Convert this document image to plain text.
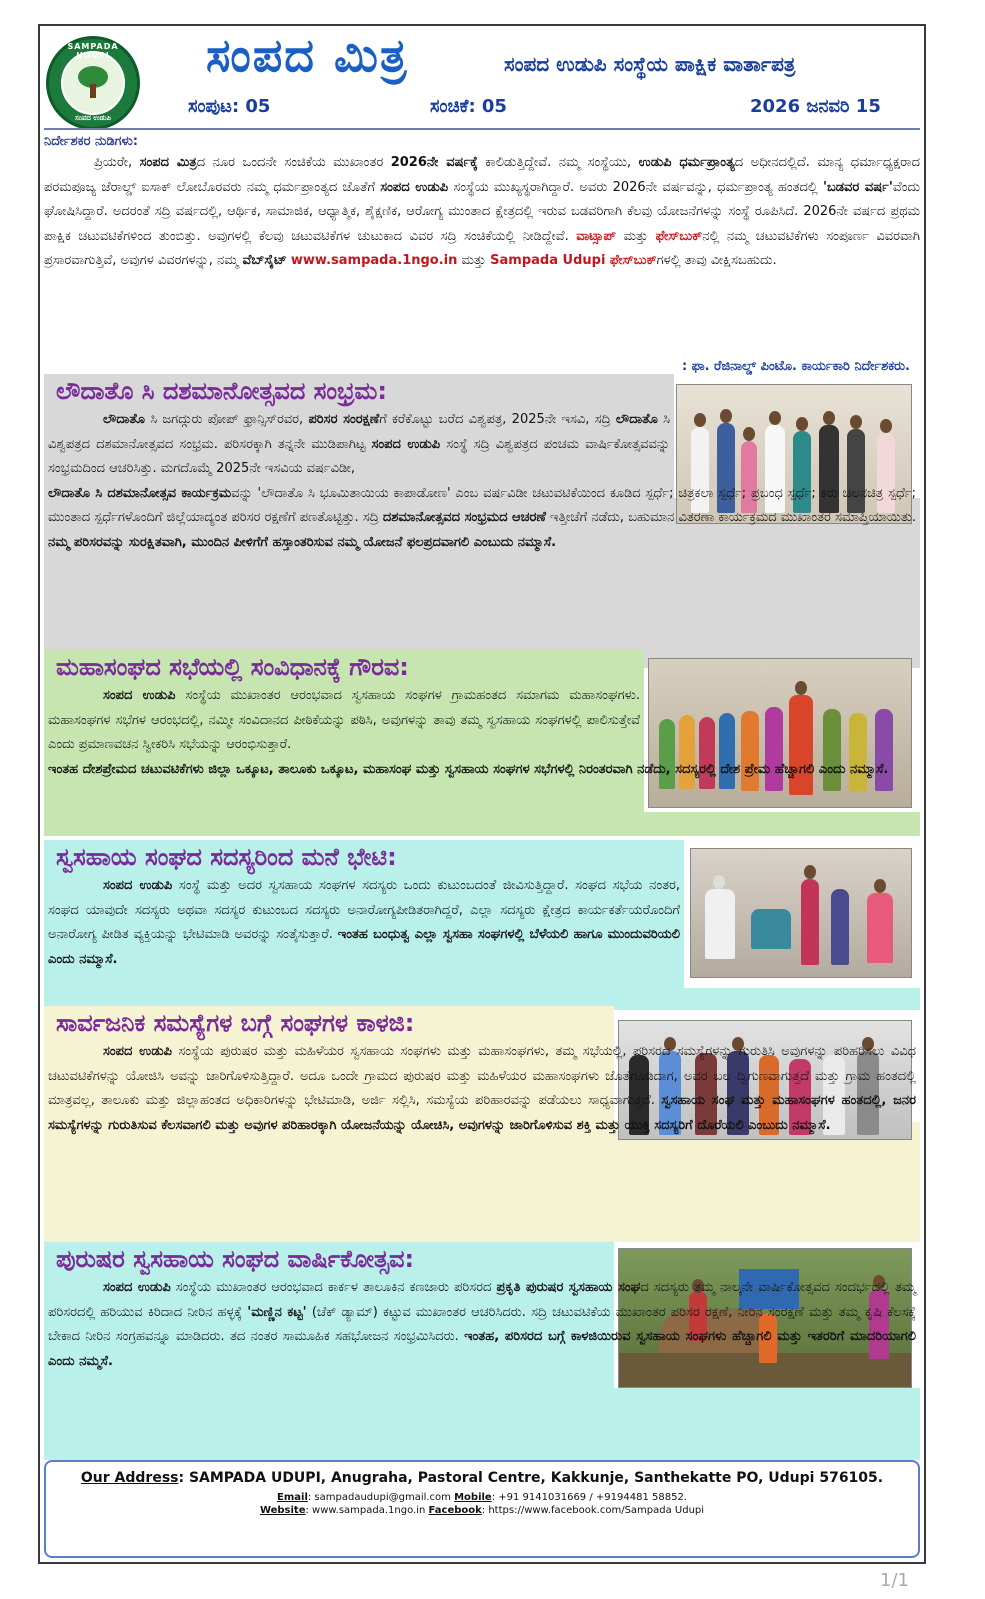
SAMPADA UDUPI
ಸಂಪದ ಉಡುಪಿ
ಸಂಪದ ಮಿತ್ರ	ಸಂಪದ ಉಡುಪಿ ಸಂಸ್ಥೆಯ ಪಾಕ್ಷಿಕ ವಾರ್ತಾಪತ್ರ
ಸಂಪುಟ: 05	ಸಂಚಿಕೆ: 05	2026 ಜನವರಿ 15
ನಿರ್ದೇಶಕರ ನುಡಿಗಳು:
ಪ್ರಿಯರೇ, ಸಂಪದ ಮಿತ್ರದ ನೂರ ಒಂದನೇ ಸಂಚಿಕೆಯ ಮುಖಾಂತರ 2026ನೇ ವರ್ಷಕ್ಕೆ ಕಾಲಿಡುತ್ತಿದ್ದೇವೆ. ನಮ್ಮ ಸಂಸ್ಥೆಯು, ಉಡುಪಿ ಧರ್ಮಪ್ರಾಂತ್ಯದ ಅಧೀನದಲ್ಲಿದೆ. ಮಾನ್ಯ ಧರ್ಮಾಧ್ಯಕ್ಷರಾದ ಪರಮಪೂಜ್ಯ ಜೆರಾಲ್ಡ್ ಐಸಾಕ್ ಲೋಬೊರವರು ನಮ್ಮ ಧರ್ಮಪ್ರಾಂತ್ಯದ ಜೊತೆಗೆ ಸಂಪದ ಉಡುಪಿ ಸಂಸ್ಥೆಯ ಮುಖ್ಯಸ್ಥರಾಗಿದ್ದಾರೆ. ಅವರು 2026ನೇ ವರ್ಷವನ್ನು, ಧರ್ಮಪ್ರಾಂತ್ಯ ಹಂತದಲ್ಲಿ 'ಬಡವರ ವರ್ಷ'ವೆಂದು ಘೋಷಿಸಿದ್ದಾರೆ. ಅದರಂತೆ ಸದ್ರಿ ವರ್ಷದಲ್ಲಿ, ಆರ್ಥಿಕ, ಸಾಮಾಜಿಕ, ಆಧ್ಯಾತ್ಮಿಕ, ಶೈಕ್ಷಣಿಕ, ಆರೋಗ್ಯ ಮುಂತಾದ ಕ್ಷೇತ್ರದಲ್ಲಿ ಇರುವ ಬಡವರಿಗಾಗಿ ಕೆಲವು ಯೋಜನೆಗಳನ್ನು ಸಂಸ್ಥೆ ರೂಪಿಸಿದೆ. 2026ನೇ ವರ್ಷದ ಪ್ರಥಮ ಪಾಕ್ಷಿಕ ಚಟುವಟಿಕೆಗಳಿಂದ ತುಂಬಿತ್ತು. ಅವುಗಳಲ್ಲಿ ಕೆಲವು ಚಟುವಟಿಕೆಗಳ ಚುಟುಕಾದ ವಿವರ ಸದ್ರಿ ಸಂಚಿಕೆಯಲ್ಲಿ ನೀಡಿದ್ದೇವೆ. ವಾಟ್ಸಾಪ್ ಮತ್ತು ಫೇಸ್‌ಬುಕ್ನಲ್ಲಿ ನಮ್ಮ ಚಟುವಟಿಕೆಗಳು ಸಂಪೂರ್ಣ ವಿವರವಾಗಿ ಪ್ರಸಾರವಾಗುತ್ತಿವೆ, ಅವುಗಳ ವಿವರಗಳನ್ನು, ನಮ್ಮ ವೆಬ್‌ಸೈಟ್ www.sampada.1ngo.in ಮತ್ತು Sampada Udupi ಫೇಸ್‌ಬುಕ್ಗಳಲ್ಲಿ ತಾವು ವೀಕ್ಷಿಸಬಹುದು.
: ಫಾ. ರೆಜಿನಾಲ್ಡ್ ಪಿಂಟೊ. ಕಾರ್ಯಕಾರಿ ನಿರ್ದೇಶಕರು.
ಲೌದಾತೊ ಸಿ ದಶಮಾನೋತ್ಸವದ ಸಂಭ್ರಮ:
ಲೌದಾತೊ ಸಿ ಜಗದ್ಗುರು ಪೋಪ್ ಫ್ರಾನ್ಸಿಸ್‌ರವರ, ಪರಿಸರ ಸಂರಕ್ಷಣೆಗೆ ಕರೆಕೊಟ್ಟು ಬರೆದ ವಿಶ್ವಪತ್ರ, 2025ನೇ ಇಸವಿ, ಸದ್ರಿ ಲೌದಾತೊ ಸಿ ವಿಶ್ವಪತ್ರದ ದಶಮಾನೋತ್ಸವದ ಸಂಭ್ರಮ. ಪರಿಸರಕ್ಕಾಗಿ ತನ್ನನೇ ಮುಡಿಪಾಗಿಟ್ಟ ಸಂಪದ ಉಡುಪಿ ಸಂಸ್ಥೆ ಸದ್ರಿ ವಿಶ್ವಪತ್ರದ ಪಂಚಮ ವಾರ್ಷಿಕೋತ್ಸವವನ್ನು ಸಂಭ್ರಮದಿಂದ ಆಚರಿಸಿತ್ತು. ಮಗದೊಮ್ಮೆ 2025ನೇ ಇಸವಿಯ ವರ್ಷವಿಡೀ,
ಲೌದಾತೊ ಸಿ ದಶಮಾನೋತ್ಸವ ಕಾರ್ಯಕ್ರಮವನ್ನು 'ಲೌದಾತೊ ಸಿ ಭೂಮಿತಾಯಿಯ ಕಾಪಾಡೋಣ' ಎಂಬ ವರ್ಷವಿಡೀ ಚಟುವಟಿಕೆಯಿಂದ ಕೂಡಿದ ಸ್ಪರ್ಧೆ; ಚಿತ್ರಕಲಾ ಸ್ಪರ್ಧೆ; ಪ್ರಬಂಧ ಸ್ಪರ್ಧೆ; ಕಿರು ಚಲನಚಿತ್ರ ಸ್ಪರ್ಧೆ; ಮುಂತಾದ ಸ್ಪರ್ಧೆಗಳೊಂದಿಗೆ ಜಿಲ್ಲೆಯಾದ್ಯಂತ ಪರಿಸರ ರಕ್ಷಣೆಗೆ ಪಣತೊಟ್ಟಿತ್ತು. ಸದ್ರಿ ದಶಮಾನೋತ್ಸವದ ಸಂಭ್ರಮದ ಆಚರಣೆ ಇತ್ತೀಚೆಗೆ ನಡೆದು, ಬಹುಮಾನ ವಿತರಣಾ ಕಾರ್ಯಕ್ರಮದ ಮುಖಾಂತರ ಸಮಾಪ್ತಿಯಾಯಿತು. ನಮ್ಮ ಪರಿಸರವನ್ನು ಸುರಕ್ಷಿತವಾಗಿ, ಮುಂದಿನ ಪೀಳಿಗೆಗೆ ಹಸ್ತಾಂತರಿಸುವ ನಮ್ಮ ಯೋಜನೆ ಫಲಪ್ರದವಾಗಲಿ ಎಂಬುದು ನಮ್ಮಾಸೆ.
ಮಹಾಸಂಘದ ಸಭೆಯಲ್ಲಿ ಸಂವಿಧಾನಕ್ಕೆ ಗೌರವ:
ಸಂಪದ ಉಡುಪಿ ಸಂಸ್ಥೆಯ ಮುಖಾಂತರ ಆರಂಭವಾದ ಸ್ವಸಹಾಯ ಸಂಘಗಳ ಗ್ರಾಮಹಂತದ ಸಮಾಗಮ ಮಹಾಸಂಘಗಳು. ಮಹಾಸಂಘಗಳ ಸಭೆಗಳ ಆರಂಭದಲ್ಲಿ, ನಮ್ಮೀ ಸಂವಿದಾನದ ಪೀಠಿಕೆಯನ್ನು ಪಠಿಸಿ, ಅವುಗಳನ್ನು ತಾವು ತಮ್ಮ ಸ್ವಸಹಾಯ ಸಂಘಗಳಲ್ಲಿ ಪಾಲಿಸುತ್ತೇವೆ ಎಂದು ಪ್ರಮಾಣವಚನ ಸ್ವೀಕರಿಸಿ ಸಭೆಯನ್ನು ಆರಂಭಿಸುತ್ತಾರೆ.
ಇಂತಹ ದೇಶಪ್ರೇಮದ ಚಟುವಟಿಕೆಗಳು ಜಿಲ್ಲಾ ಒಕ್ಕೂಟ, ತಾಲೂಕು ಒಕ್ಕೂಟ, ಮಹಾಸಂಘ ಮತ್ತು ಸ್ವಸಹಾಯ ಸಂಘಗಳ ಸಭೆಗಳಲ್ಲಿ ನಿರಂತರವಾಗಿ ನಡೆದು, ಸದಸ್ಯರಲ್ಲಿ ದೇಶ ಪ್ರೇಮ ಹೆಚ್ಚಾಗಲಿ ಎಂದು ನಮ್ಮಾಸೆ.
ಸ್ವಸಹಾಯ ಸಂಘದ ಸದಸ್ಯರಿಂದ ಮನೆ ಭೇಟಿ:
ಸಂಪದ ಉಡುಪಿ ಸಂಸ್ಥೆ ಮತ್ತು ಅದರ ಸ್ವಸಹಾಯ ಸಂಘಗಳ ಸದಸ್ಯರು ಒಂದು ಕುಟುಂಬದಂತೆ ಜೀವಿಸುತ್ತಿದ್ದಾರೆ. ಸಂಘದ ಸಭೆಯ ನಂತರ, ಸಂಘದ ಯಾವುದೇ ಸದಸ್ಯರು ಅಥವಾ ಸದಸ್ಯರ ಕುಟುಂಬದ ಸದಸ್ಯರು ಅನಾರೋಗ್ಯಪೀಡಿತರಾಗಿದ್ದರೆ, ಎಲ್ಲಾ ಸದಸ್ಯರು ಕ್ಷೇತ್ರದ ಕಾರ್ಯಕರ್ತೆಯರೊಂದಿಗೆ ಅನಾರೋಗ್ಯ ಪೀಡಿತ ವ್ಯಕ್ತಿಯನ್ನು ಭೇಟಿಮಾಡಿ ಅವರನ್ನು ಸಂತೈಸುತ್ತಾರೆ. ಇಂತಹ ಬಂಧುತ್ವ ಎಲ್ಲಾ ಸ್ವಸಹಾ ಸಂಘಗಳಲ್ಲಿ ಬೆಳೆಯಲಿ ಹಾಗೂ ಮುಂದುವರಿಯಲಿ ಎಂದು ನಮ್ಮಾಸೆ.
ಸಾರ್ವಜನಿಕ ಸಮಸ್ಯೆಗಳ ಬಗ್ಗೆ ಸಂಘಗಳ ಕಾಳಜಿ:
ಸಂಪದ ಉಡುಪಿ ಸಂಸ್ಥೆಯ ಪುರುಷರ ಮತ್ತು ಮಹಿಳೆಯರ ಸ್ವಸಹಾಯ ಸಂಘಗಳು ಮತ್ತು ಮಹಾಸಂಘಗಳು, ತಮ್ಮ ಸಭೆಯಲ್ಲಿ, ಪರಿಸರದ ಸಮಸ್ಯೆಗಳನ್ನು ಗುರುತಿಸಿ ಅವುಗಳನ್ನು ಪರಿಹರಿಸಲು ವಿವಿಧ ಚಟುವಟಿಕೆಗಳನ್ನು ಯೋಜಿಸಿ ಅವನ್ನು ಜಾರಿಗೊಳಿಸುತ್ತಿದ್ದಾರೆ. ಅದೂ ಒಂದೇ ಗ್ರಾಮದ ಪುರುಷರ ಮತ್ತು ಮಹಿಳೆಯರ ಮಹಾಸಂಘಗಳು ಜೊತೆಗೂಡಿದಾಗ, ಅವರ ಬಲ ದ್ವಿಗುಣವಾಗುತ್ತದೆ ಮತ್ತು ಗ್ರಾಮ ಹಂತದಲ್ಲಿ ಮಾತ್ರವಲ್ಲ, ತಾಲೂಕು ಮತ್ತು ಜಿಲ್ಲಾಹಂತದ ಅಧಿಕಾರಿಗಳನ್ನು ಭೇಟಿಮಾಡಿ, ಅರ್ಜಿ ಸಲ್ಲಿಸಿ, ಸಮಸ್ಯೆಯ ಪರಿಹಾರವನ್ನು ಪಡೆಯಲು ಸಾಧ್ಯವಾಗುತ್ತದೆ. ಸ್ವಸಹಾಯ ಸಂಘ ಮತ್ತು ಮಹಾಸಂಘಗಳ ಹಂತದಲ್ಲಿ, ಜನರ ಸಮಸ್ಯೆಗಳನ್ನು ಗುರುತಿಸುವ ಕೆಲಸವಾಗಲಿ ಮತ್ತು ಅವುಗಳ ಪರಿಹಾರಕ್ಕಾಗಿ ಯೋಜನೆಯನ್ನು ಯೋಚಿಸಿ, ಅವುಗಳನ್ನು ಜಾರಿಗೊಳಿಸುವ ಶಕ್ತಿ ಮತ್ತು ಯುಕ್ತಿ ಸದಸ್ಯರಿಗೆ ದೊರೆಯಲಿ ಎಂಬುದು ನಮ್ಮಾಸೆ.
ಪುರುಷರ ಸ್ವಸಹಾಯ ಸಂಘದ ವಾರ್ಷಿಕೋತ್ಸವ:
ಸಂಪದ ಉಡುಪಿ ಸಂಸ್ಥೆಯ ಮುಖಾಂತರ ಆರಂಭವಾದ ಕಾರ್ಕಳ ತಾಲೂಕಿನ ಕಣಜಾರು ಪರಿಸರದ ಪ್ರಕೃತಿ ಪುರುಷರ ಸ್ವಸಹಾಯ ಸಂಘದ ಸದಸ್ಯರು ತಮ್ಮ ನಾಲ್ಕನೇ ವಾರ್ಷಿಕೋತ್ಸವದ ಸಂದರ್ಭದಲ್ಲಿ ತಮ್ಮ ಪರಿಸರದಲ್ಲಿ ಹರಿಯುವ ಕಿರಿದಾದ ನೀರಿನ ಹಳ್ಳಕ್ಕೆ 'ಮಣ್ಣಿನ ಕಟ್ಟ' (ಚೆಕ್ ಡ್ಯಾಮ್) ಕಟ್ಟುವ ಮುಖಾಂತರ ಆಚರಿಸಿದರು. ಸದ್ರಿ ಚಟುವಟಿಕೆಯ ಮುಖಾಂತರ ಪರಿಸರ ರಕ್ಷಣೆ, ನೀರಿನ ಸಂರಕ್ಷಣೆ ಮತ್ತು ತಮ್ಮ ಕೃಷಿ ಕೆಲಸಕ್ಕೆ ಬೇಕಾದ ನೀರಿನ ಸಂಗ್ರಹವನ್ನೂ ಮಾಡಿದರು. ತದ ನಂತರ ಸಾಮೂಹಿಕ ಸಹಭೋಜನ ಸಂಭ್ರಮಿಸಿದರು. ಇಂತಹ, ಪರಿಸರದ ಬಗ್ಗೆ ಕಾಳಜಿಯಿರುವ ಸ್ವಸಹಾಯ ಸಂಘಗಳು ಹೆಚ್ಚಾಗಲಿ ಮತ್ತು ಇತರರಿಗೆ ಮಾದರಿಯಾಗಲಿ ಎಂದು ನಮ್ಮಸೆ.
Our Address: SAMPADA UDUPI, Anugraha, Pastoral Centre, Kakkunje, Santhekatte PO, Udupi 576105.
Email: sampadaudupi@gmail.com Mobile: +91 9141031669 / +9194481 58852.
Website: www.sampada.1ngo.in Facebook: https://www.facebook.com/Sampada Udupi
1/1
